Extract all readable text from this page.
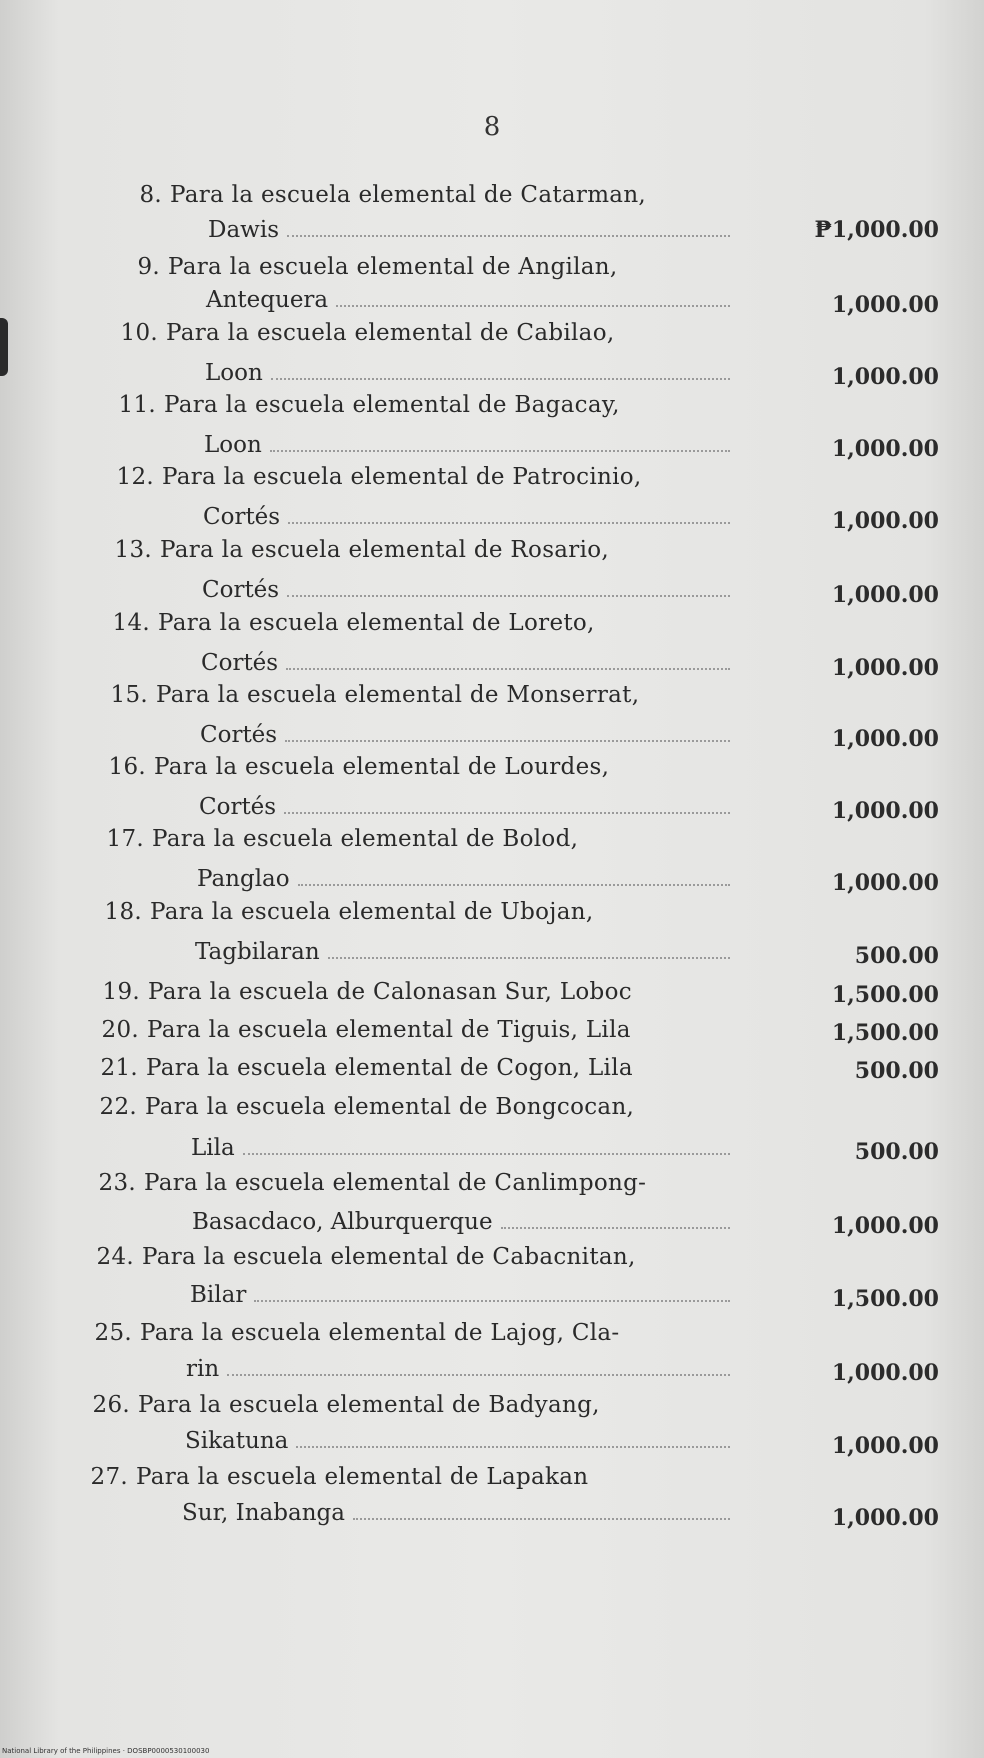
8
8. Para la escuela elemental de Catarman,
Dawis	₱1,000.00
9. Para la escuela elemental de Angilan,
Antequera	1,000.00
10. Para la escuela elemental de Cabilao,
Loon	1,000.00
11. Para la escuela elemental de Bagacay,
Loon	1,000.00
12. Para la escuela elemental de Patrocinio,
Cortés	1,000.00
13. Para la escuela elemental de Rosario,
Cortés	1,000.00
14. Para la escuela elemental de Loreto,
Cortés	1,000.00
15. Para la escuela elemental de Monserrat,
Cortés	1,000.00
16. Para la escuela elemental de Lourdes,
Cortés	1,000.00
17. Para la escuela elemental de Bolod,
Panglao	1,000.00
18. Para la escuela elemental de Ubojan,
Tagbilaran	500.00
19. Para la escuela de Calonasan Sur, Loboc	1,500.00
20. Para la escuela elemental de Tiguis, Lila	1,500.00
21. Para la escuela elemental de Cogon, Lila	500.00
22. Para la escuela elemental de Bongcocan,
Lila	500.00
23. Para la escuela elemental de Canlimpong-
Basacdaco, Alburquerque	1,000.00
24. Para la escuela elemental de Cabacnitan,
Bilar	1,500.00
25. Para la escuela elemental de Lajog, Cla-
rin	1,000.00
26. Para la escuela elemental de Badyang,
Sikatuna	1,000.00
27. Para la escuela elemental de Lapakan
Sur, Inabanga	1,000.00
National Library of the Philippines · DOSBP0000530100030
